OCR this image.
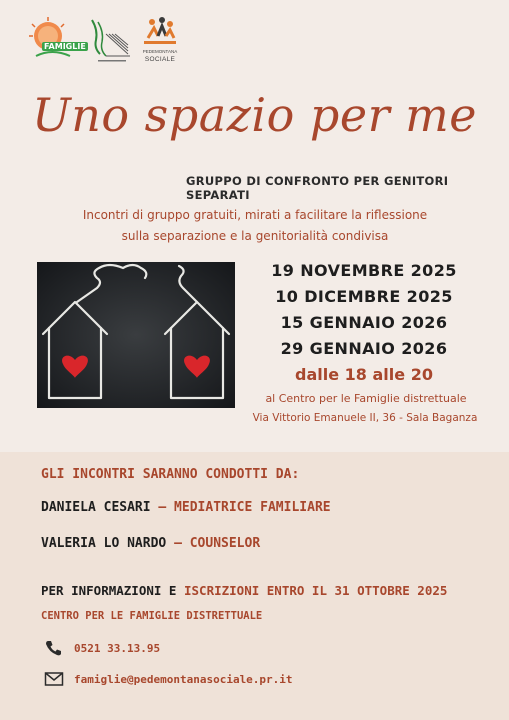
FAMIGLIE
PEDEMONTANA
SOCIALE
Uno spazio per me
GRUPPO DI CONFRONTO PER GENITORI SEPARATI
Incontri di gruppo gratuiti, mirati a facilitare la riflessione
sulla separazione e la genitorialità condivisa
19 NOVEMBRE 2025
10 DICEMBRE 2025
15 GENNAIO 2026
29 GENNAIO 2026
dalle 18 alle 20
al Centro per le Famiglie distrettuale
Via Vittorio Emanuele II, 36 - Sala Baganza
GLI INCONTRI SARANNO CONDOTTI DA:
DANIELA CESARI – MEDIATRICE FAMILIARE
VALERIA LO NARDO – COUNSELOR
PER INFORMAZIONI E ISCRIZIONI ENTRO IL 31 OTTOBRE 2025
CENTRO PER LE FAMIGLIE DISTRETTUALE
0521 33.13.95
famiglie@pedemontanasociale.pr.it
